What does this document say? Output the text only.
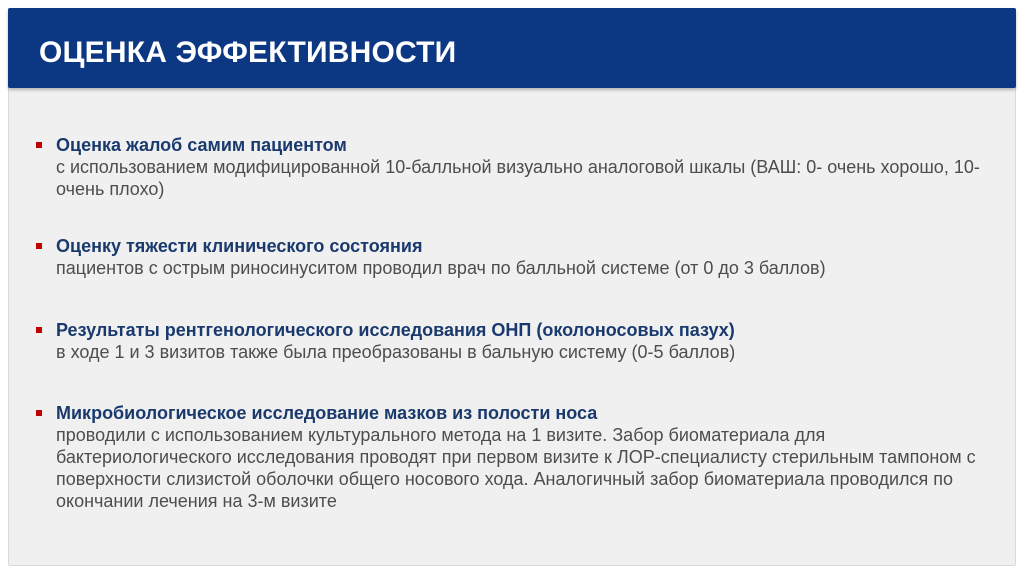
ОЦЕНКА ЭФФЕКТИВНОСТИ
Оценка жалоб самим пациентом
с использованием модифицированной 10-балльной визуально аналоговой шкалы (ВАШ: 0- очень хорошо, 10- очень плохо)
Оценку тяжести клинического состояния
пациентов с острым риносинуситом проводил врач по балльной системе (от 0 до 3 баллов)
Результаты рентгенологического исследования ОНП (околоносовых пазух)
в ходе 1 и 3 визитов также была преобразованы в бальную систему (0-5 баллов)
Микробиологическое исследование мазков из полости носа
проводили с использованием культурального метода на 1 визите. Забор биоматериала для бактериологического исследования проводят при первом визите к ЛОР-специалисту стерильным тампоном с поверхности слизистой оболочки общего носового хода. Аналогичный забор биоматериала проводился по окончании лечения на 3-м визите
